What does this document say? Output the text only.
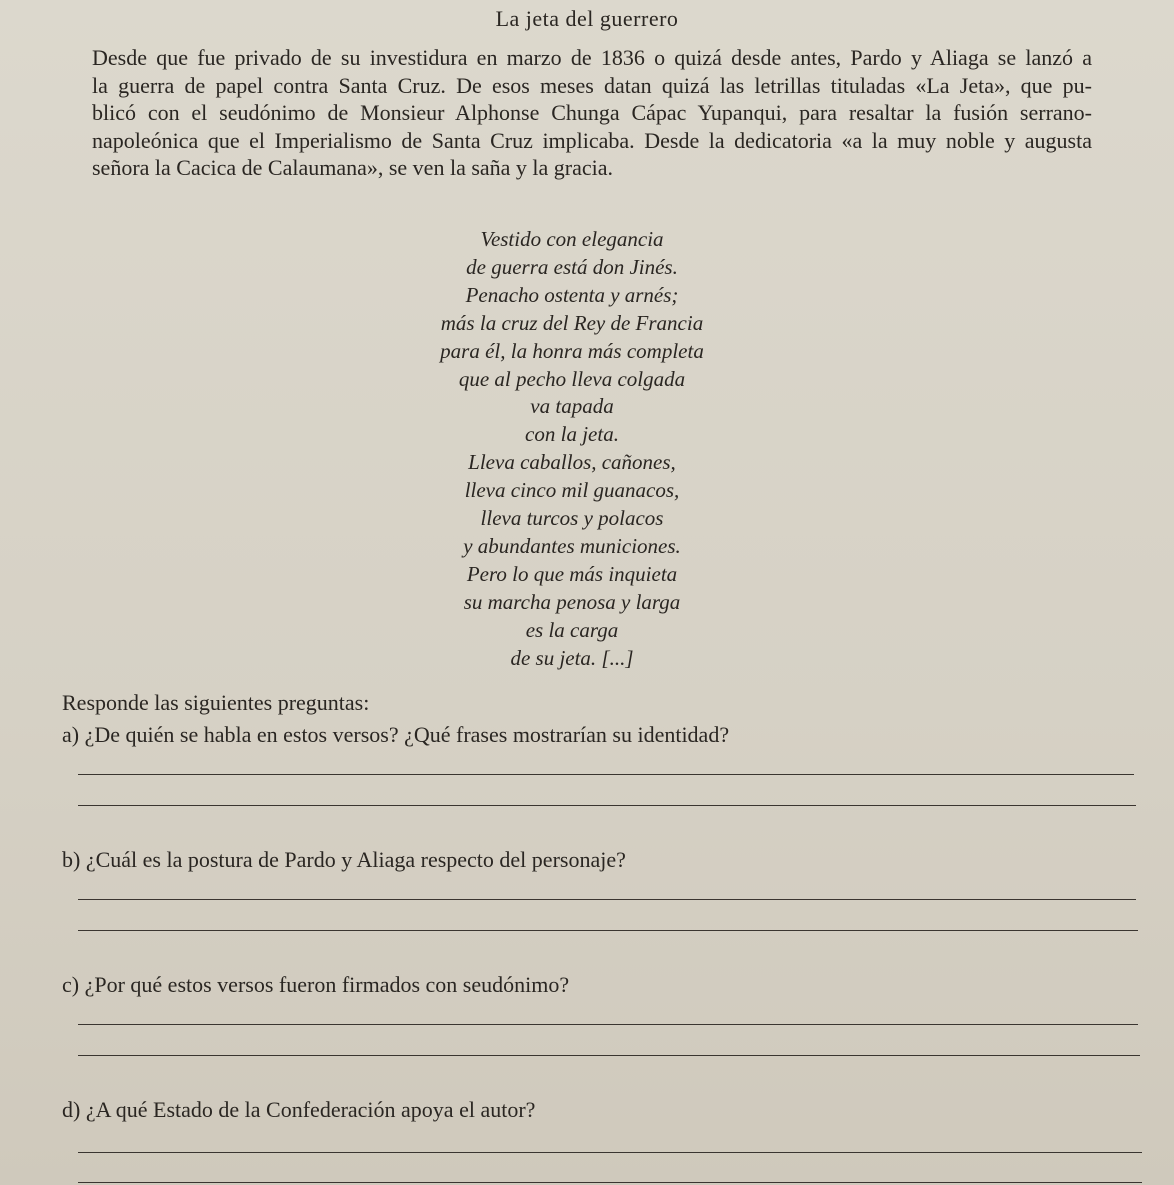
La jeta del guerrero
Desde que fue privado de su investidura en marzo de 1836 o quizá desde antes, Pardo y Aliaga se lanzó a
la guerra de papel contra Santa Cruz. De esos meses datan quizá las letrillas tituladas «La Jeta», que pu-
blicó con el seudónimo de Monsieur Alphonse Chunga Cápac Yupanqui, para resaltar la fusión serrano-
napoleónica que el Imperialismo de Santa Cruz implicaba. Desde la dedicatoria «a la muy noble y augusta
señora la Cacica de Calaumana», se ven la saña y la gracia.
Vestido con elegancia
de guerra está don Jinés.
Penacho ostenta y arnés;
más la cruz del Rey de Francia
para él, la honra más completa
que al pecho lleva colgada
va tapada
con la jeta.
Lleva caballos, cañones,
lleva cinco mil guanacos,
lleva turcos y polacos
y abundantes municiones.
Pero lo que más inquieta
su marcha penosa y larga
es la carga
de su jeta. [...]
Responde las siguientes preguntas:
a) ¿De quién se habla en estos versos? ¿Qué frases mostrarían su identidad?
b) ¿Cuál es la postura de Pardo y Aliaga respecto del personaje?
c) ¿Por qué estos versos fueron firmados con seudónimo?
d) ¿A qué Estado de la Confederación apoya el autor?
